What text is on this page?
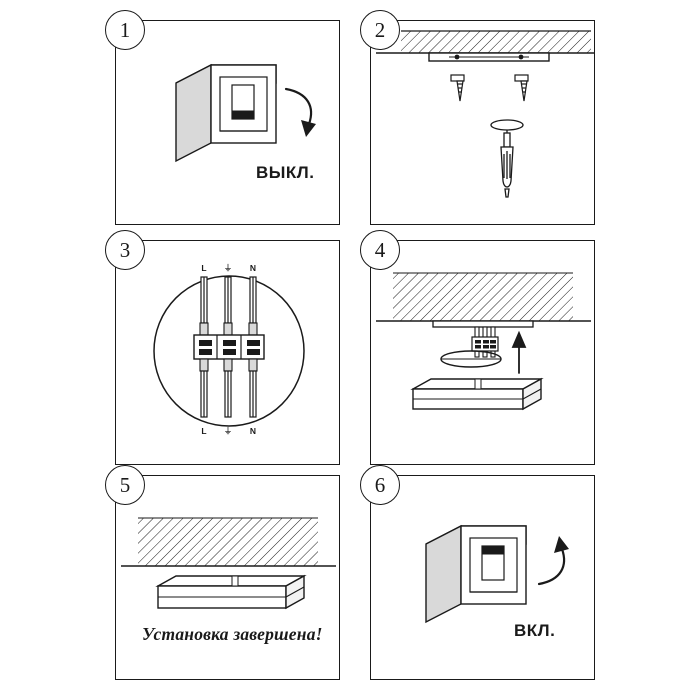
1
ВЫКЛ.
2
L ⏚ N
L ⏚ N
3	4
5
Установка завершена!
6
ВКЛ.
